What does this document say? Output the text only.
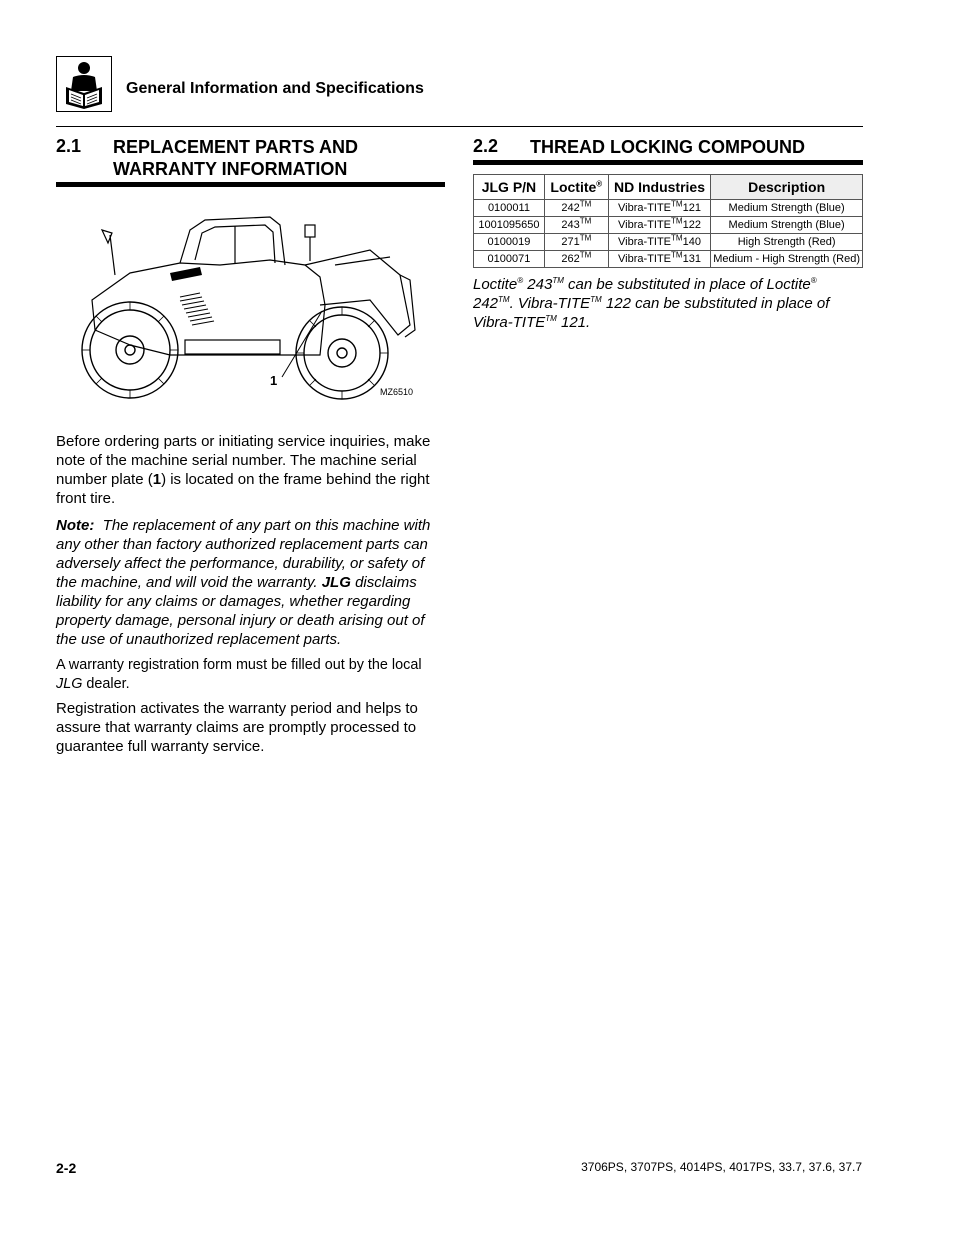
General Information and Specifications
2.1 REPLACEMENT PARTS AND
WARRANTY INFORMATION
1
MZ6510
Before ordering parts or initiating service inquiries, make note of the machine serial number. The machine serial number plate (1) is located on the frame behind the right front tire.
Note: The replacement of any part on this machine with any other than factory authorized replacement parts can adversely affect the performance, durability, or safety of the machine, and will void the warranty. JLG disclaims liability for any claims or damages, whether regarding property damage, personal injury or death arising out of the use of unauthorized replacement parts.
A warranty registration form must be filled out by the local JLG dealer.
Registration activates the warranty period and helps to assure that warranty claims are promptly processed to guarantee full warranty service.
2.2 THREAD LOCKING COMPOUND
JLG P/N	Loctite®	ND Industries	Description
0100011	242™	Vibra-TITE™121	Medium Strength (Blue)
1001095650	243™	Vibra-TITE™122	Medium Strength (Blue)
0100019	271™	Vibra-TITE™140	High Strength (Red)
0100071	262™	Vibra-TITE™131	Medium - High Strength (Red)
Loctite® 243™ can be substituted in place of Loctite® 242™. Vibra-TITE™ 122 can be substituted in place of Vibra-TITE™ 121.
2-2	3706PS, 3707PS, 4014PS, 4017PS, 33.7, 37.6, 37.7
